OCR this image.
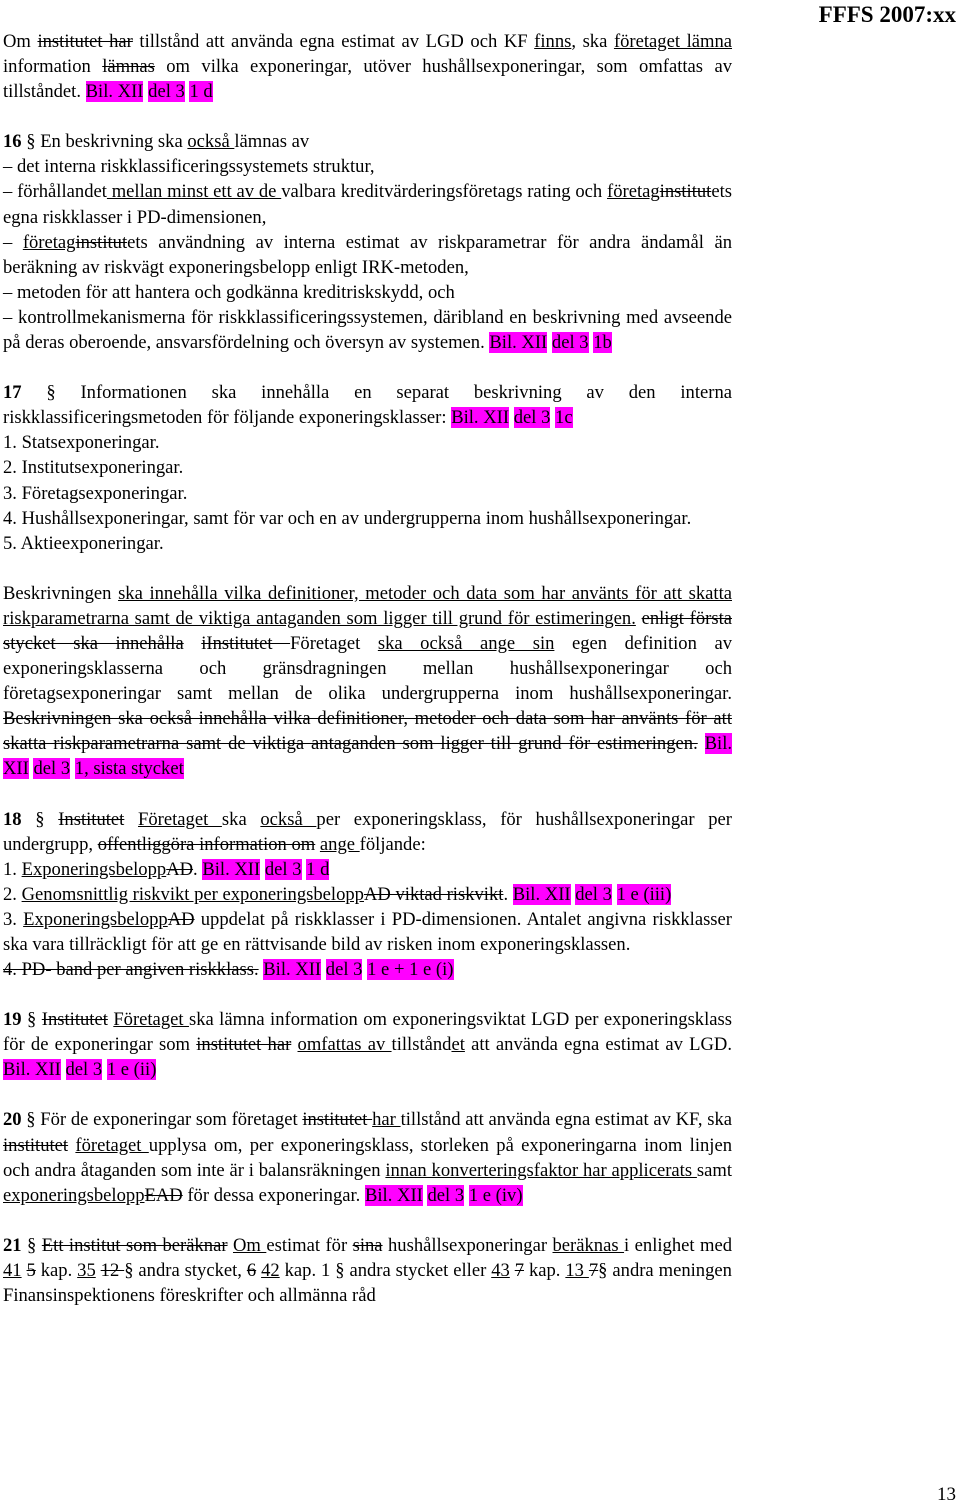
FFFS 2007:xx

Om institutet har tillstånd att använda egna estimat av LGD och KF finns, ska företaget lämna information lämnas om vilka exponeringar, utöver hushållsexponeringar, som omfattas av tillståndet. Bil. XII del 3 1 d

16 § En beskrivning ska också lämnas av
– det interna riskklassificeringssystemets struktur,
– förhållandet mellan minst ett av de valbara kreditvärderingsföretags rating och företaginstitutets egna riskklasser i PD-dimensionen,
– företaginstitutets användning av interna estimat av riskparametrar för andra ändamål än beräkning av riskvägt exponeringsbelopp enligt IRK-metoden,
– metoden för att hantera och godkänna kreditriskskydd, och
– kontrollmekanismerna för riskklassificeringssystemen, däribland en beskrivning med avseende på deras oberoende, ansvarsfördelning och översyn av systemen. Bil. XII del 3 1b
17 § Informationen ska innehålla en separat beskrivning av den interna riskklassificeringsmetoden för följande exponeringsklasser: Bil. XII del 3 1c
1. Statsexponeringar.
2. Institutsexponeringar.
3. Företagsexponeringar.
4. Hushållsexponeringar, samt för var och en av undergrupperna inom hushållsexponeringar.
5. Aktieexponeringar.

Beskrivningen ska innehålla vilka definitioner, metoder och data som har använts för att skatta riskparametrarna samt de viktiga antaganden som ligger till grund för estimeringen. enligt första stycket ska innehålla iInstitutet Företaget ska också ange sin egen definition av exponeringsklasserna och gränsdragningen mellan hushållsexponeringar och företagsexponeringar samt mellan de olika undergrupperna inom hushållsexponeringar. Beskrivningen ska också innehålla vilka definitioner, metoder och data som har använts för att skatta riskparametrarna samt de viktiga antaganden som ligger till grund för estimeringen. Bil. XII del 3 1, sista stycket

18 § Institutet Företaget ska också per exponeringsklass, för hushållsexponeringar per undergrupp, offentliggöra information om ange följande:
1. ExponeringsbeloppAD. Bil. XII del 3 1 d
2. Genomsnittlig riskvikt per exponeringsbeloppAD viktad riskvikt. Bil. XII del 3 1 e (iii)
3. ExponeringsbeloppAD uppdelat på riskklasser i PD-dimensionen. Antalet angivna riskklasser ska vara tillräckligt för att ge en rättvisande bild av risken inom exponeringsklassen.
4. PD- band per angiven riskklass. Bil. XII del 3 1 e + 1 e (i)

19 § Institutet Företaget ska lämna information om exponeringsviktat LGD per exponeringsklass för de exponeringar som institutet har omfattas av tillståndet att använda egna estimat av LGD. Bil. XII del 3 1 e (ii)

20 § För de exponeringar som företaget institutet har tillstånd att använda egna estimat av KF, ska institutet företaget upplysa om, per exponeringsklass, storleken på exponeringarna inom linjen och andra åtaganden som inte är i balansräkningen innan konverteringsfaktor har applicerats samt exponeringsbeloppEAD för dessa exponeringar. Bil. XII del 3 1 e (iv)

21 § Ett institut som beräknar Om estimat för sina hushållsexponeringar beräknas i enlighet med 41 5 kap. 35 12 § andra stycket, 6 42 kap. 1 § andra stycket eller 43 7 kap. 13 7§ andra meningen Finansinspektionens föreskrifter och allmänna råd

13
